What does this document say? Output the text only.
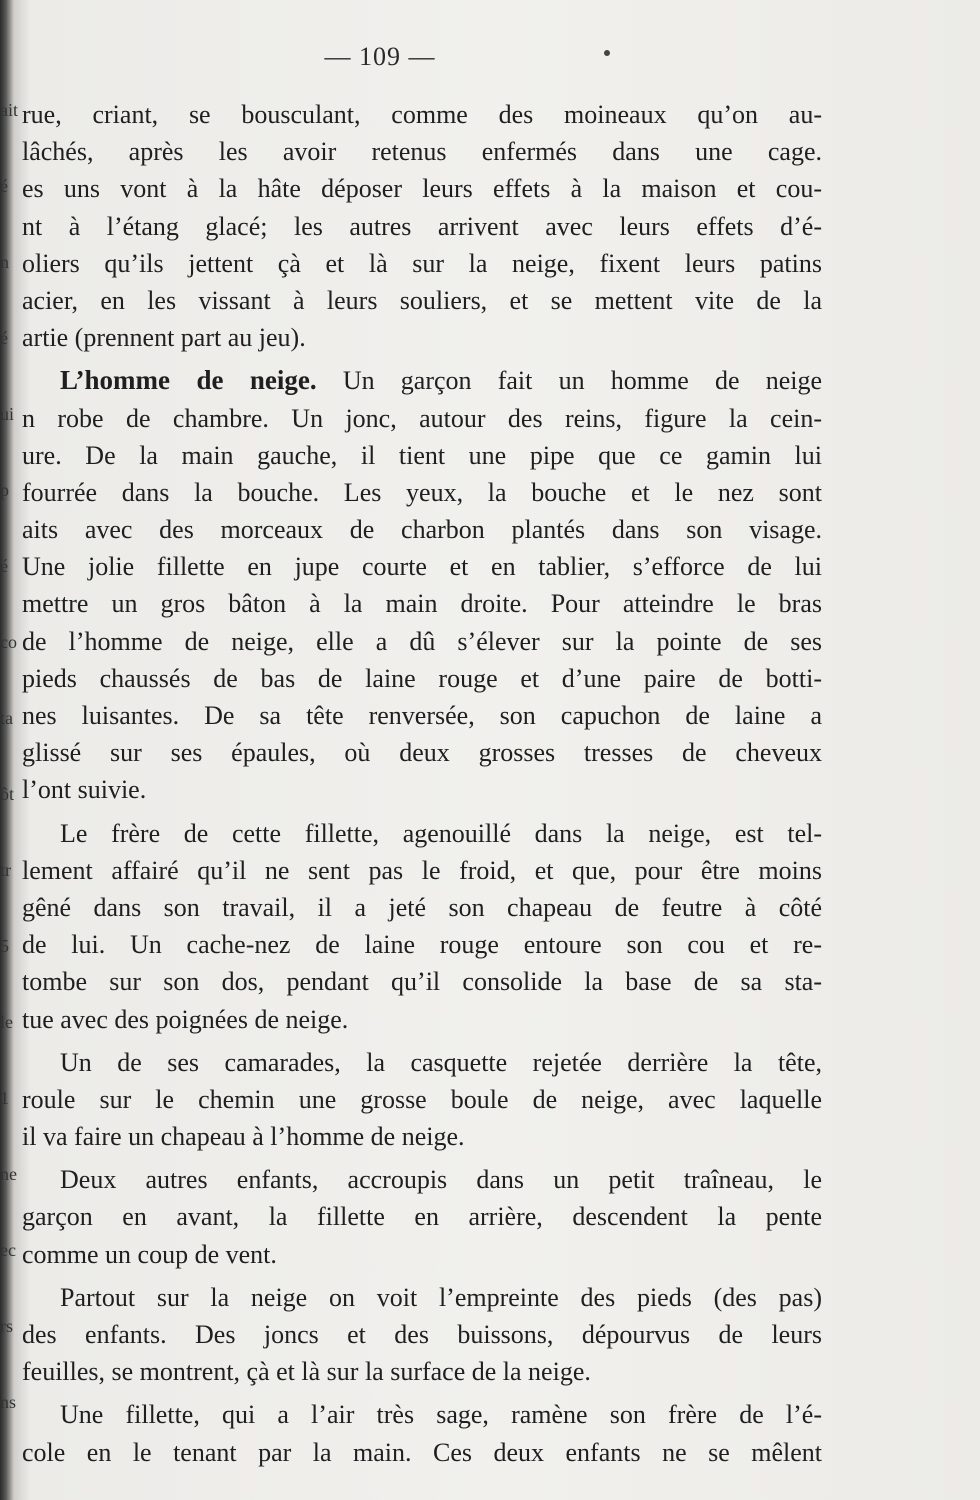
ait
é
n
é
ui
p
é
co
ta
ôt
tr
5
le
1
ne
ec
rs
ns
— 109 —
rue, criant, se bousculant, comme des moineaux qu’on au-
lâchés, après les avoir retenus enfermés dans une cage.
es uns vont à la hâte déposer leurs effets à la maison et cou-
nt à l’étang glacé; les autres arrivent avec leurs effets d’é-
oliers qu’ils jettent çà et là sur la neige, fixent leurs patins
acier, en les vissant à leurs souliers, et se mettent vite de la
artie (prennent part au jeu).
L’homme de neige. Un garçon fait un homme de neige
n robe de chambre. Un jonc, autour des reins, figure la cein-
ure. De la main gauche, il tient une pipe que ce gamin lui
fourrée dans la bouche. Les yeux, la bouche et le nez sont
aits avec des morceaux de charbon plantés dans son visage.
Une jolie fillette en jupe courte et en tablier, s’efforce de lui
mettre un gros bâton à la main droite. Pour atteindre le bras
de l’homme de neige, elle a dû s’élever sur la pointe de ses
pieds chaussés de bas de laine rouge et d’une paire de botti-
nes luisantes. De sa tête renversée, son capuchon de laine a
glissé sur ses épaules, où deux grosses tresses de cheveux
l’ont suivie.
Le frère de cette fillette, agenouillé dans la neige, est tel-
lement affairé qu’il ne sent pas le froid, et que, pour être moins
gêné dans son travail, il a jeté son chapeau de feutre à côté
de lui. Un cache-nez de laine rouge entoure son cou et re-
tombe sur son dos, pendant qu’il consolide la base de sa sta-
tue avec des poignées de neige.
Un de ses camarades, la casquette rejetée derrière la tête,
roule sur le chemin une grosse boule de neige, avec laquelle
il va faire un chapeau à l’homme de neige.
Deux autres enfants, accroupis dans un petit traîneau, le
garçon en avant, la fillette en arrière, descendent la pente
comme un coup de vent.
Partout sur la neige on voit l’empreinte des pieds (des pas)
des enfants. Des joncs et des buissons, dépourvus de leurs
feuilles, se montrent, çà et là sur la surface de la neige.
Une fillette, qui a l’air très sage, ramène son frère de l’é-
cole en le tenant par la main. Ces deux enfants ne se mêlent
